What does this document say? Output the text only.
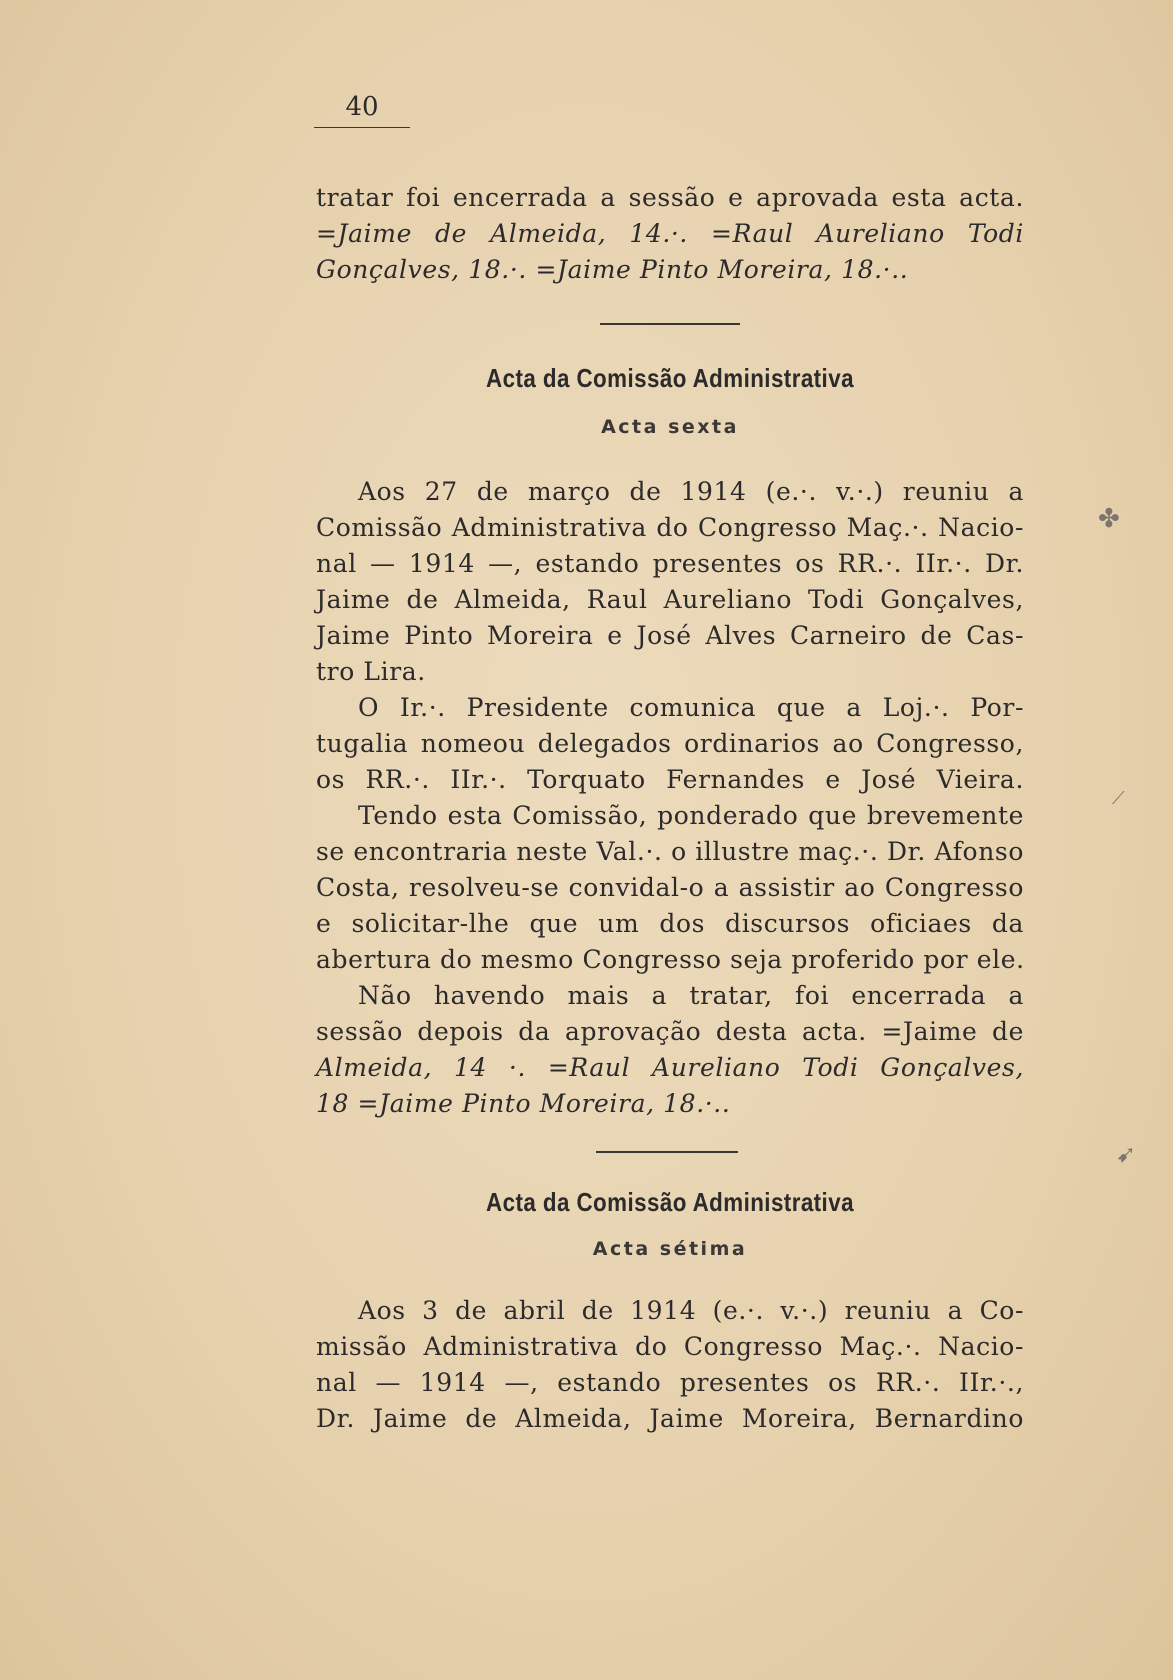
40
tratar foi encerrada a sessão e aprovada esta acta.
=Jaime de Almeida, 14.·. =Raul Aureliano Todi
Gonçalves, 18.·. =Jaime Pinto Moreira, 18.·..
Acta da Comissão Administrativa
Acta sexta
Aos 27 de março de 1914 (e.·. v.·.) reuniu a
Comissão Administrativa do Congresso Maç.·. Nacio-
nal — 1914 —, estando presentes os RR.·. IIr.·. Dr.
Jaime de Almeida, Raul Aureliano Todi Gonçalves,
Jaime Pinto Moreira e José Alves Carneiro de Cas-
tro Lira.
O Ir.·. Presidente comunica que a Loj.·. Por-
tugalia nomeou delegados ordinarios ao Congresso,
os RR.·. IIr.·. Torquato Fernandes e José Vieira.
Tendo esta Comissão, ponderado que brevemente
se encontraria neste Val.·. o illustre maç.·. Dr. Afonso
Costa, resolveu-se convidal-o a assistir ao Congresso
e solicitar-lhe que um dos discursos oficiaes da
abertura do mesmo Congresso seja proferido por ele.
Não havendo mais a tratar, foi encerrada a
sessão depois da aprovação desta acta. =Jaime de
Almeida, 14 ·. =Raul Aureliano Todi Gonçalves,
18 =Jaime Pinto Moreira, 18.·..
Acta da Comissão Administrativa
Acta sétima
Aos 3 de abril de 1914 (e.·. v.·.) reuniu a Co-
missão Administrativa do Congresso Maç.·. Nacio-
nal — 1914 —, estando presentes os RR.·. IIr.·.,
Dr. Jaime de Almeida, Jaime Moreira, Bernardino
✤
⟋
➹
